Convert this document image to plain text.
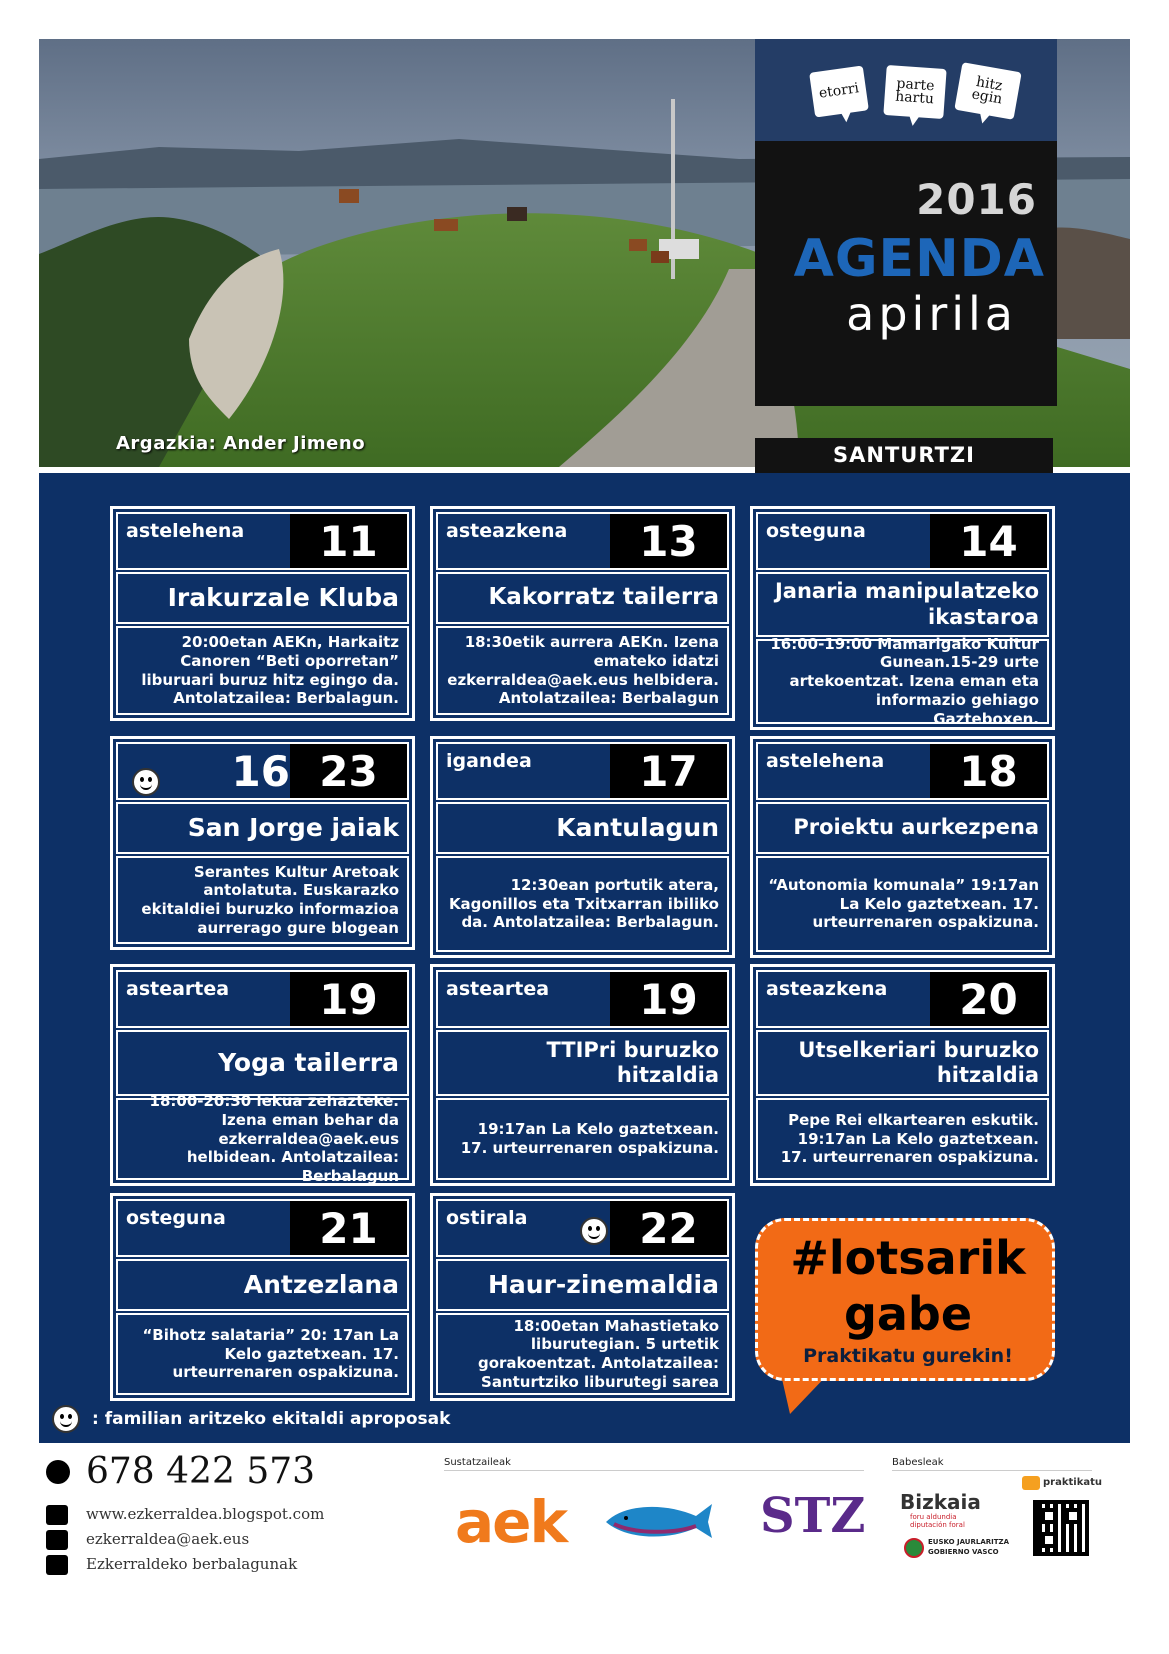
Argazkia: Ander Jimeno
etorri	parte hartu
hitz egin
2016
AGENDA
apirila
SANTURTZI
astelehena	11
Irakurzale Kluba
20:00etan AEKn, Harkaitz Canoren “Beti oporretan” liburuari buruz hitz egingo da. Antolatzailea: Berbalagun.
asteazkena	13
Kakorratz tailerra
18:30etik aurrera AEKn. Izena emateko idatzi ezkerraldea@aek.eus helbidera. Antolatzailea: Berbalagun
osteguna	14
Janaria manipulatzeko ikastaroa
16:00-19:00 Mamarigako Kultur Gunean.15-29 urte artekoentzat. Izena eman eta informazio gehiago Gazteboxen.
16 23
San Jorge jaiak
Serantes Kultur Aretoak antolatuta. Euskarazko ekitaldiei buruzko informazioa aurrerago gure blogean
igandea	17
Kantulagun
12:30ean portutik atera, Kagonillos eta Txitxarran ibiliko da. Antolatzailea: Berbalagun.
astelehena	18
Proiektu aurkezpena
“Autonomia komunala” 19:17an La Kelo gaztetxean. 17. urteurrenaren ospakizuna.
asteartea	19
Yoga tailerra
18:00-20:30 lekua zehazteke. Izena eman behar da ezkerraldea@aek.eus helbidean. Antolatzailea: Berbalagun
asteartea	19
TTIPri buruzko hitzaldia
19:17an La Kelo gaztetxean. 17. urteurrenaren ospakizuna.
asteazkena	20
Utselkeriari buruzko hitzaldia
Pepe Rei elkartearen eskutik. 19:17an La Kelo gaztetxean. 17. urteurrenaren ospakizuna.
osteguna	21
Antzezlana
“Bihotz salataria” 20: 17an La Kelo gaztetxean. 17. urteurrenaren ospakizuna.
ostirala	22
Haur-zinemaldia
18:00etan Mahastietako liburutegian. 5 urtetik gorakoentzat. Antolatzailea: Santurtziko liburutegi sarea
#lotsarik
gabe
Praktikatu gurekin!
: familian aritzeko ekitaldi aproposak
678 422 573
www.ezkerraldea.blogspot.com
ezkerraldea@aek.eus
Ezkerraldeko berbalagunak
Sustatzaileak	Babesleak
aek	STZ Bizkaia
foru aldundia diputación foral
EUSKO JAURLARITZA
GOBIERNO VASCO
praktikatu
